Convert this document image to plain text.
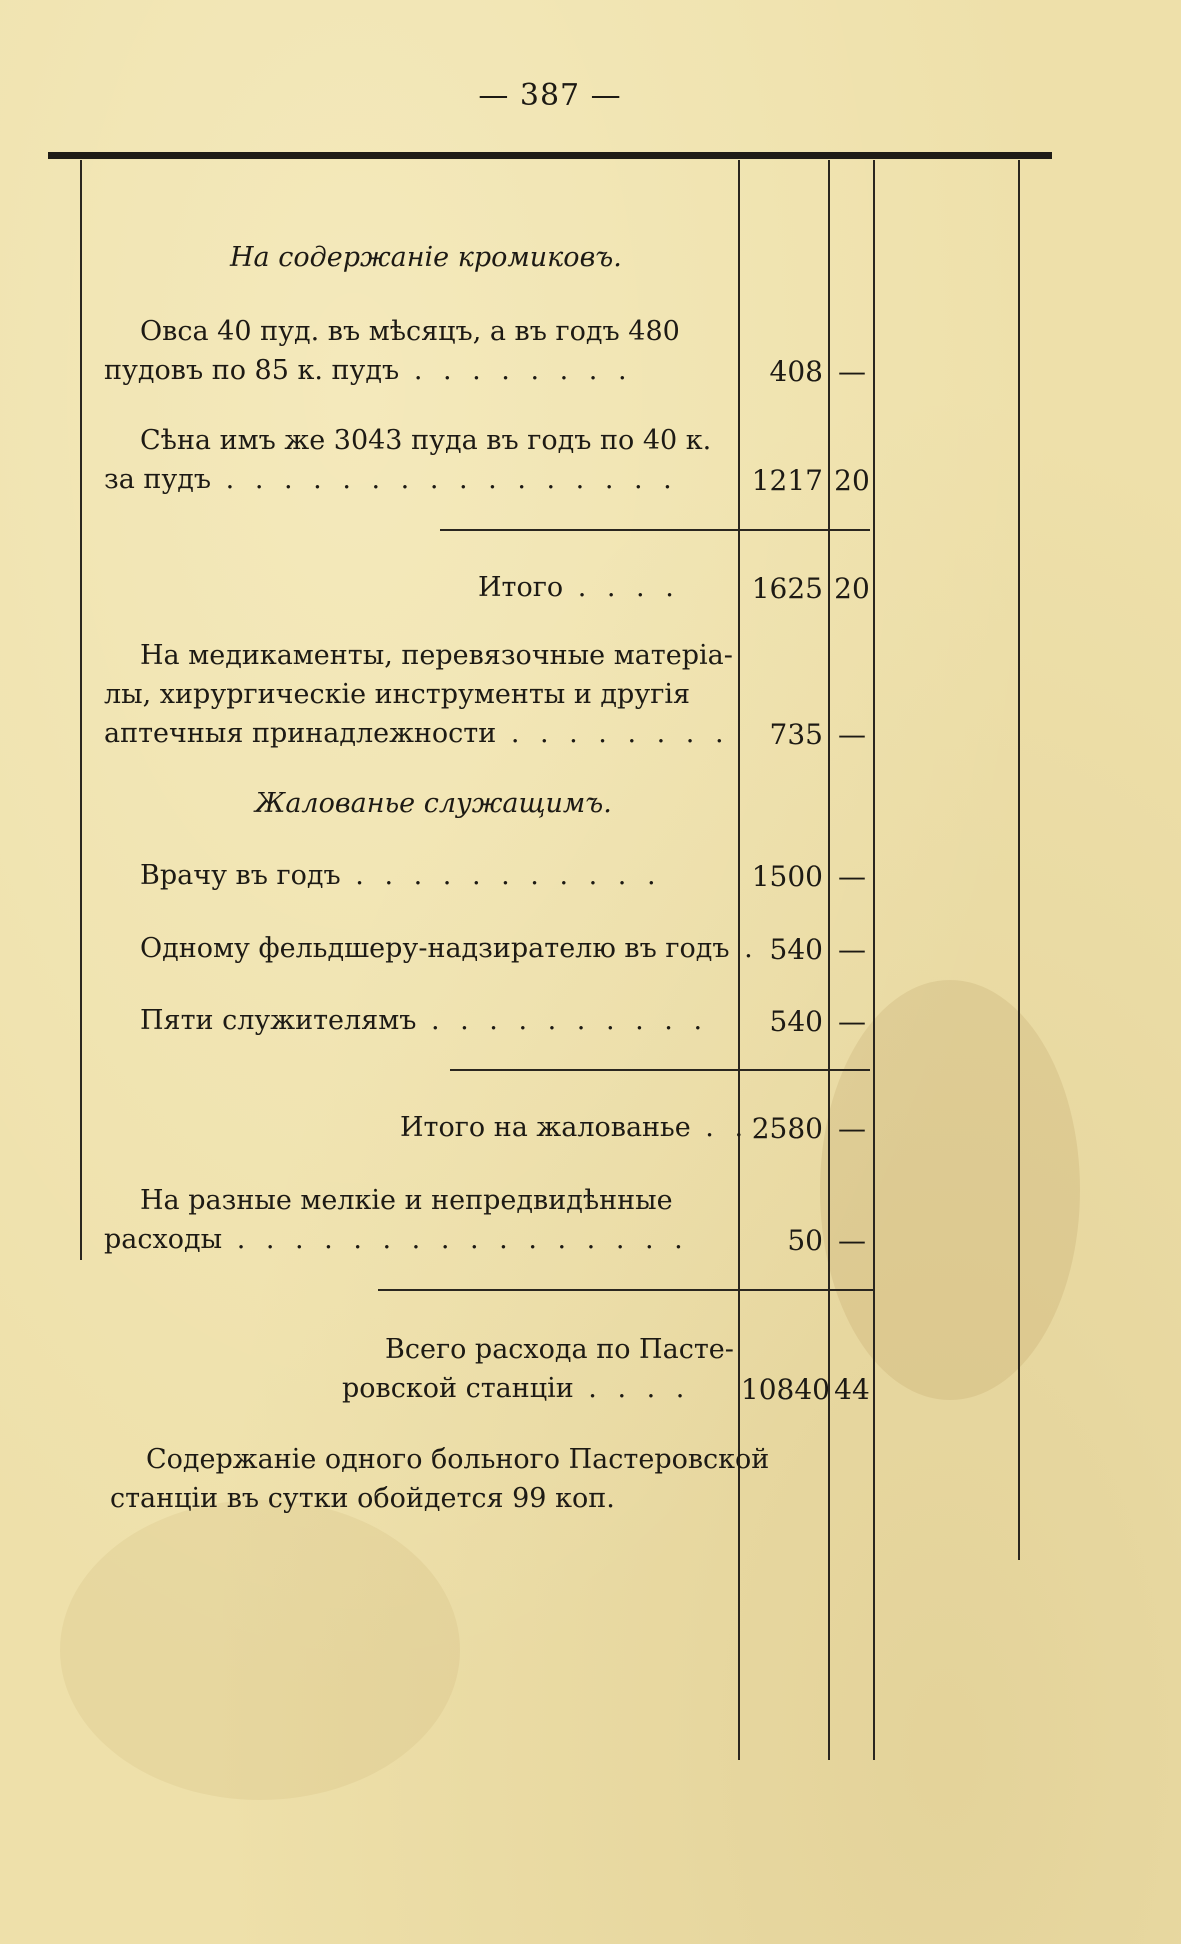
— 387 —
На содержаніе кромиковъ.
Овса 40 пуд. въ мѣсяцъ, а въ годъ 480
пудовъ по 85 к. пудъ . . . . . . . .	408 —
Сѣна имъ же 3043 пуда въ годъ по 40 к.
за пудъ . . . . . . . . . . . . . . . .	1217 20
Итого . . . .	1625 20
На медикаменты, перевязочные матеріа-
лы, хирургическіе инструменты и другія
аптечныя принадлежности . . . . . . . .	735 —
Жалованье служащимъ.
Врачу въ годъ . . . . . . . . . . .	1500 —
Одному фельдшеру-надзирателю въ годъ . 540 —
Пяти служителямъ . . . . . . . . . .	540 —
Итого на жалованье . . 2580 —
На разные мелкіе и непредвидѣнные
расходы . . . . . . . . . . . . . . . .	50 —
Всего расхода по Пасте-
ровской станціи . . . . 10840 44
Содержаніе одного больного Пастеровской
станціи въ сутки обойдется 99 коп.
